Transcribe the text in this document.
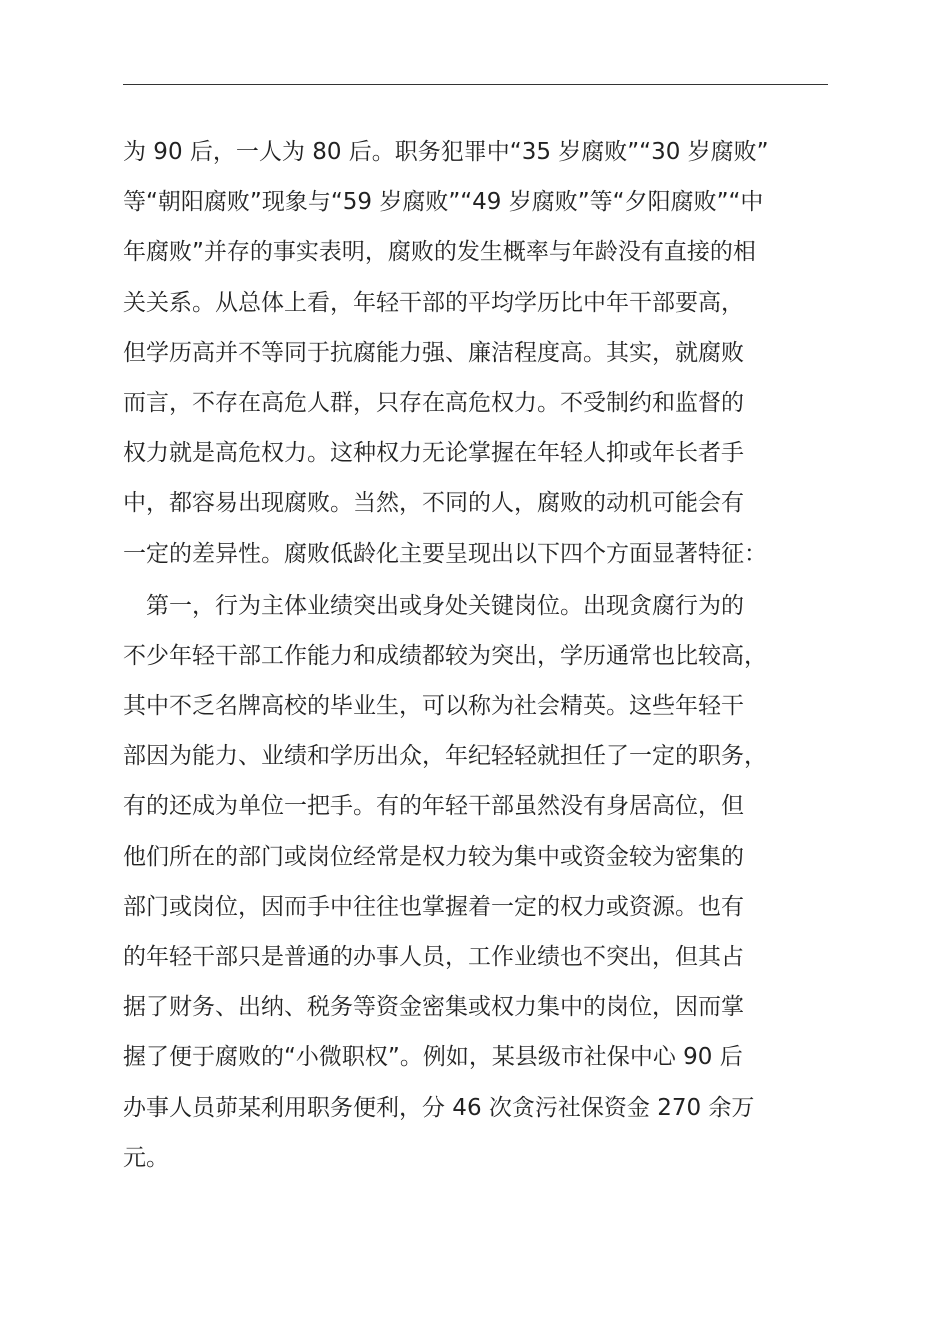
为 90 后，一人为 80 后。职务犯罪中“35 岁腐败”“30 岁腐败”
等“朝阳腐败”现象与“59 岁腐败”“49 岁腐败”等“夕阳腐败”“中
年腐败”并存的事实表明，腐败的发生概率与年龄没有直接的相
关关系。从总体上看，年轻干部的平均学历比中年干部要高，
但学历高并不等同于抗腐能力强、廉洁程度高。其实，就腐败
而言，不存在高危人群，只存在高危权力。不受制约和监督的
权力就是高危权力。这种权力无论掌握在年轻人抑或年长者手
中，都容易出现腐败。当然，不同的人，腐败的动机可能会有
一定的差异性。腐败低龄化主要呈现出以下四个方面显著特征：
　第一，行为主体业绩突出或身处关键岗位。出现贪腐行为的
不少年轻干部工作能力和成绩都较为突出，学历通常也比较高，
其中不乏名牌高校的毕业生，可以称为社会精英。这些年轻干
部因为能力、业绩和学历出众，年纪轻轻就担任了一定的职务，
有的还成为单位一把手。有的年轻干部虽然没有身居高位，但
他们所在的部门或岗位经常是权力较为集中或资金较为密集的
部门或岗位，因而手中往往也掌握着一定的权力或资源。也有
的年轻干部只是普通的办事人员，工作业绩也不突出，但其占
据了财务、出纳、税务等资金密集或权力集中的岗位，因而掌
握了便于腐败的“小微职权”。例如，某县级市社保中心 90 后
办事人员茆某利用职务便利，分 46 次贪污社保资金 270 余万
元。
